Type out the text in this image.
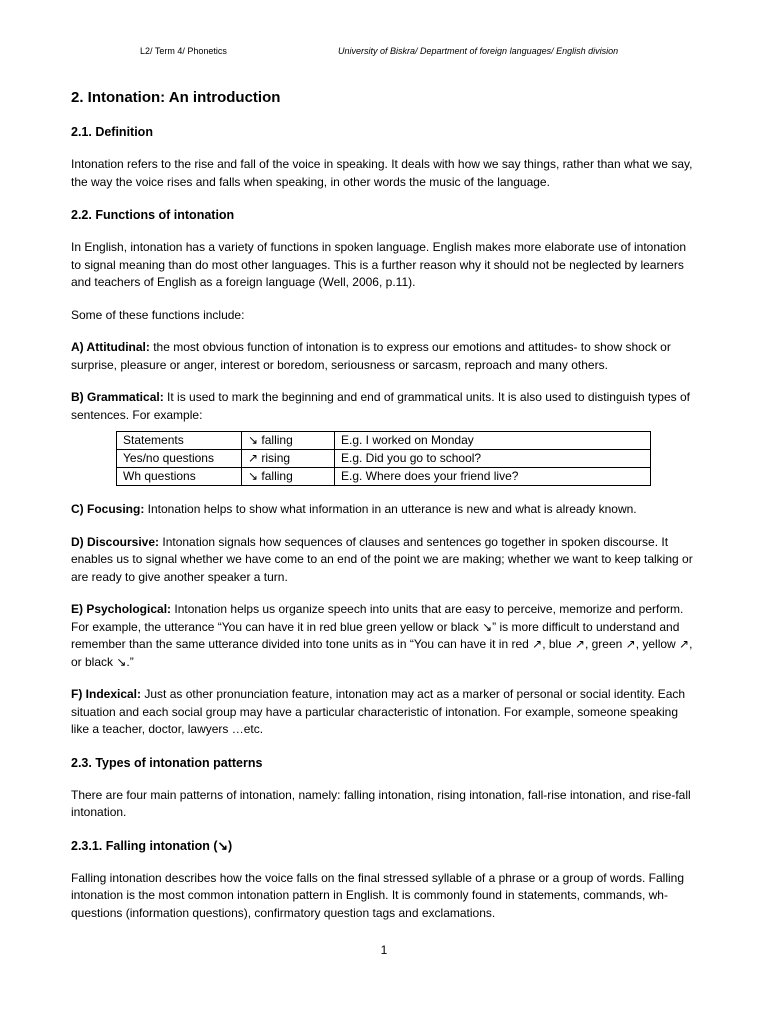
L2/ Term 4/ Phonetics	University of Biskra/ Department of foreign languages/ English division
2. Intonation: An introduction
2.1. Definition

Intonation refers to the rise and fall of the voice in speaking. It deals with how we say things, rather than what we say, the way the voice rises and falls when speaking, in other words the music of the language.

2.2. Functions of intonation

In English, intonation has a variety of functions in spoken language. English makes more elaborate use of intonation to signal meaning than do most other languages. This is a further reason why it should not be neglected by learners and teachers of English as a foreign language (Well, 2006, p.11).

Some of these functions include:

A) Attitudinal: the most obvious function of intonation is to express our emotions and attitudes- to show shock or surprise, pleasure or anger, interest or boredom, seriousness or sarcasm, reproach and many others.

B) Grammatical: It is used to mark the beginning and end of grammatical units. It is also used to distinguish types of sentences. For example:

Statements	↘ falling	E.g. I worked on Monday
Yes/no questions	↗ rising	E.g. Did you go to school?
Wh questions	↘ falling	E.g. Where does your friend live?

C) Focusing: Intonation helps to show what information in an utterance is new and what is already known.

D) Discoursive: Intonation signals how sequences of clauses and sentences go together in spoken discourse. It enables us to signal whether we have come to an end of the point we are making; whether we want to keep talking or are ready to give another speaker a turn.

E) Psychological: Intonation helps us organize speech into units that are easy to perceive, memorize and perform. For example, the utterance “You can have it in red blue green yellow or black ↘” is more difficult to understand and remember than the same utterance divided into tone units as in “You can have it in red ↗, blue ↗, green ↗, yellow ↗, or black ↘.”

F) Indexical: Just as other pronunciation feature, intonation may act as a marker of personal or social identity. Each situation and each social group may have a particular characteristic of intonation. For example, someone speaking like a teacher, doctor, lawyers …etc.

2.3. Types of intonation patterns

There are four main patterns of intonation, namely: falling intonation, rising intonation, fall-rise intonation, and rise-fall intonation.

2.3.1. Falling intonation (↘)

Falling intonation describes how the voice falls on the final stressed syllable of a phrase or a group of words. Falling intonation is the most common intonation pattern in English. It is commonly found in statements, commands, wh-questions (information questions), confirmatory question tags and exclamations.

1
